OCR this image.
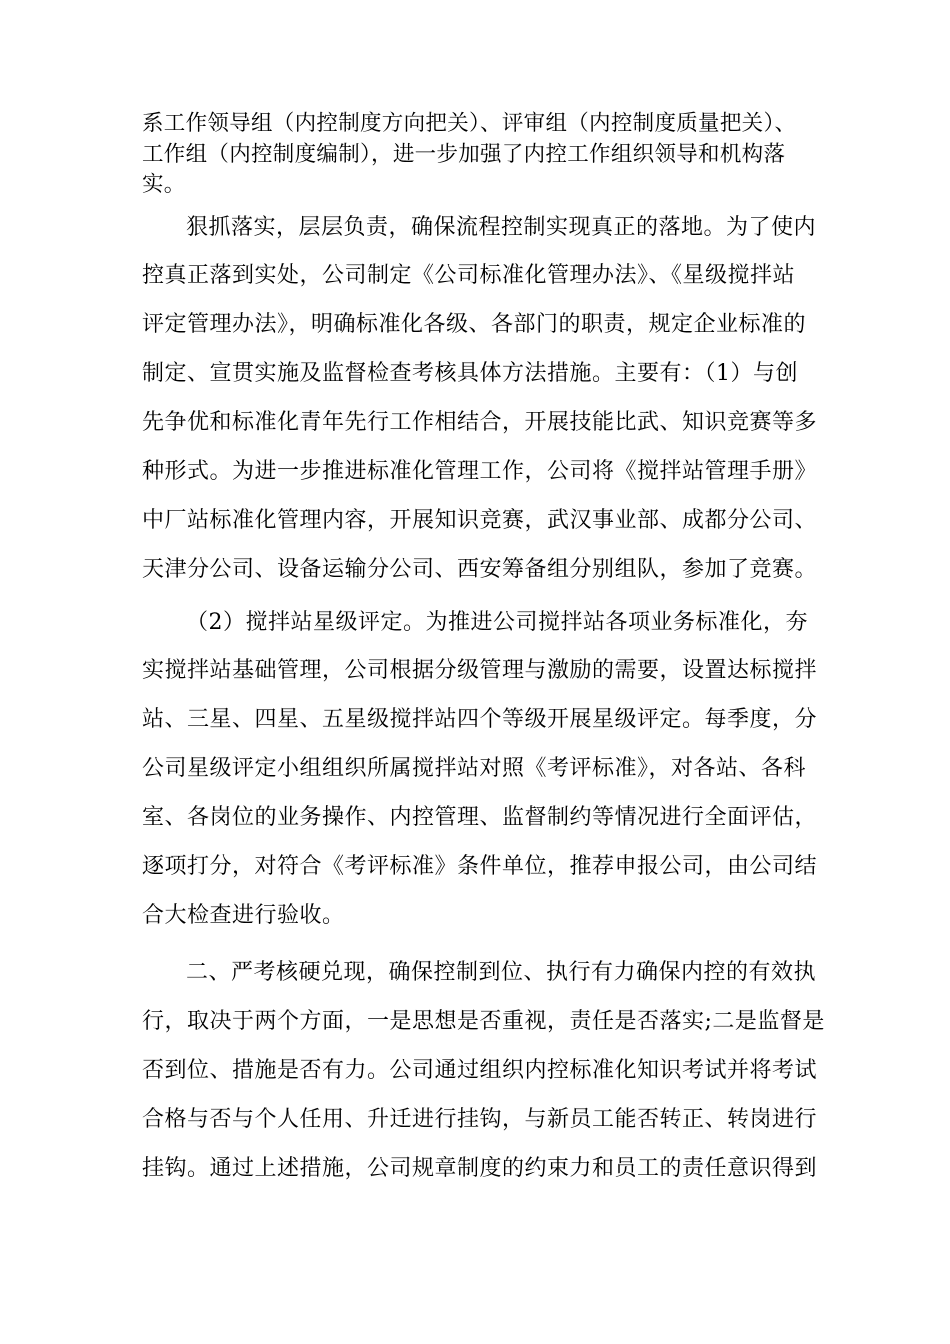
系工作领导组（内控制度方向把关）、评审组（内控制度质量把关）、
工作组（内控制度编制），进一步加强了内控工作组织领导和机构落
实。
狠抓落实，层层负责，确保流程控制实现真正的落地。为了使内
控真正落到实处，公司制定《公司标准化管理办法》、《星级搅拌站
评定管理办法》，明确标准化各级、各部门的职责，规定企业标准的
制定、宣贯实施及监督检查考核具体方法措施。主要有：（1）与创
先争优和标准化青年先行工作相结合，开展技能比武、知识竞赛等多
种形式。为进一步推进标准化管理工作，公司将《搅拌站管理手册》
中厂站标准化管理内容，开展知识竞赛，武汉事业部、成都分公司、
天津分公司、设备运输分公司、西安筹备组分别组队，参加了竞赛。
（2）搅拌站星级评定。为推进公司搅拌站各项业务标准化，夯
实搅拌站基础管理，公司根据分级管理与激励的需要，设置达标搅拌
站、三星、四星、五星级搅拌站四个等级开展星级评定。每季度，分
公司星级评定小组组织所属搅拌站对照《考评标准》，对各站、各科
室、各岗位的业务操作、内控管理、监督制约等情况进行全面评估，
逐项打分，对符合《考评标准》条件单位，推荐申报公司，由公司结
合大检查进行验收。
二、严考核硬兑现，确保控制到位、执行有力确保内控的有效执
行，取决于两个方面，一是思想是否重视，责任是否落实;二是监督是
否到位、措施是否有力。公司通过组织内控标准化知识考试并将考试
合格与否与个人任用、升迁进行挂钩，与新员工能否转正、转岗进行
挂钩。通过上述措施，公司规章制度的约束力和员工的责任意识得到
